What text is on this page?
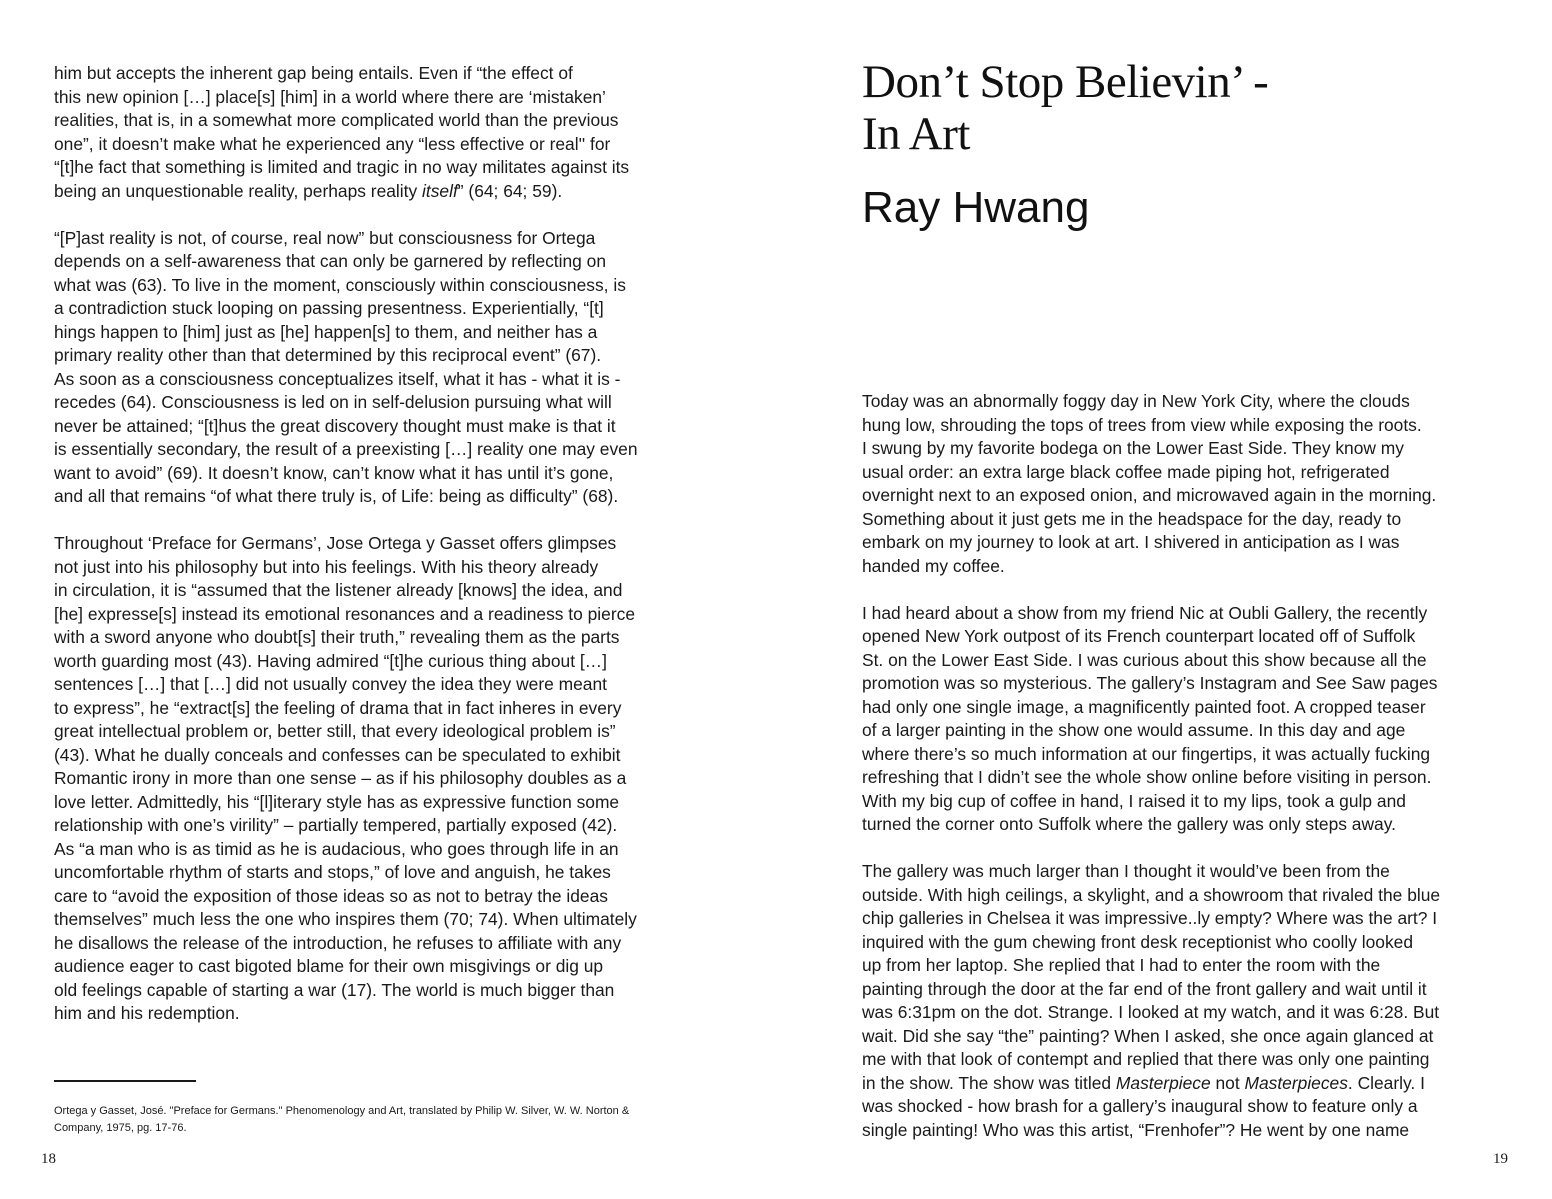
him but accepts the inherent gap being entails. Even if “the effect of
this new opinion […] place[s] [him] in a world where there are ‘mistaken’
realities, that is, in a somewhat more complicated world than the previous
one”, it doesn’t make what he experienced any “less effective or real'' for
“[t]he fact that something is limited and tragic in no way militates against its
being an unquestionable reality, perhaps reality itself” (64; 64; 59).

“[P]ast reality is not, of course, real now” but consciousness for Ortega
depends on a self-awareness that can only be garnered by reflecting on
what was (63). To live in the moment, consciously within consciousness, is
a contradiction stuck looping on passing presentness. Experientially, “[t]
hings happen to [him] just as [he] happen[s] to them, and neither has a
primary reality other than that determined by this reciprocal event” (67).
As soon as a consciousness conceptualizes itself, what it has - what it is -
recedes (64). Consciousness is led on in self-delusion pursuing what will
never be attained; “[t]hus the great discovery thought must make is that it
is essentially secondary, the result of a preexisting […] reality one may even
want to avoid” (69). It doesn’t know, can’t know what it has until it’s gone,
and all that remains “of what there truly is, of Life: being as difficulty” (68).

Throughout ‘Preface for Germans’, Jose Ortega y Gasset offers glimpses
not just into his philosophy but into his feelings. With his theory already
in circulation, it is “assumed that the listener already [knows] the idea, and
[he] expresse[s] instead its emotional resonances and a readiness to pierce
with a sword anyone who doubt[s] their truth,” revealing them as the parts
worth guarding most (43). Having admired “[t]he curious thing about […]
sentences […] that […] did not usually convey the idea they were meant
to express”, he “extract[s] the feeling of drama that in fact inheres in every
great intellectual problem or, better still, that every ideological problem is”
(43). What he dually conceals and confesses can be speculated to exhibit
Romantic irony in more than one sense – as if his philosophy doubles as a
love letter. Admittedly, his “[l]iterary style has as expressive function some
relationship with one’s virility” – partially tempered, partially exposed (42).
As “a man who is as timid as he is audacious, who goes through life in an
uncomfortable rhythm of starts and stops,” of love and anguish, he takes
care to “avoid the exposition of those ideas so as not to betray the ideas
themselves” much less the one who inspires them (70; 74). When ultimately
he disallows the release of the introduction, he refuses to affiliate with any
audience eager to cast bigoted blame for their own misgivings or dig up
old feelings capable of starting a war (17). The world is much bigger than
him and his redemption.

Ortega y Gasset, José. "Preface for Germans." Phenomenology and Art, translated by Philip W. Silver, W. W. Norton &
Company, 1975, pg. 17-76.
18
Don’t Stop Believin’ -
In Art
Ray Hwang

Today was an abnormally foggy day in New York City, where the clouds
hung low, shrouding the tops of trees from view while exposing the roots.
I swung by my favorite bodega on the Lower East Side. They know my
usual order: an extra large black coffee made piping hot, refrigerated
overnight next to an exposed onion, and microwaved again in the morning.
Something about it just gets me in the headspace for the day, ready to
embark on my journey to look at art. I shivered in anticipation as I was
handed my coffee.

I had heard about a show from my friend Nic at Oubli Gallery, the recently
opened New York outpost of its French counterpart located off of Suffolk
St. on the Lower East Side. I was curious about this show because all the
promotion was so mysterious. The gallery’s Instagram and See Saw pages
had only one single image, a magnificently painted foot. A cropped teaser
of a larger painting in the show one would assume. In this day and age
where there’s so much information at our fingertips, it was actually fucking
refreshing that I didn’t see the whole show online before visiting in person.
With my big cup of coffee in hand, I raised it to my lips, took a gulp and
turned the corner onto Suffolk where the gallery was only steps away.

The gallery was much larger than I thought it would’ve been from the
outside. With high ceilings, a skylight, and a showroom that rivaled the blue
chip galleries in Chelsea it was impressive..ly empty? Where was the art? I
inquired with the gum chewing front desk receptionist who coolly looked
up from her laptop. She replied that I had to enter the room with the
painting through the door at the far end of the front gallery and wait until it
was 6:31pm on the dot. Strange. I looked at my watch, and it was 6:28. But
wait. Did she say “the” painting? When I asked, she once again glanced at
me with that look of contempt and replied that there was only one painting
in the show. The show was titled Masterpiece not Masterpieces. Clearly. I
was shocked - how brash for a gallery’s inaugural show to feature only a
single painting! Who was this artist, “Frenhofer”? He went by one name

19
